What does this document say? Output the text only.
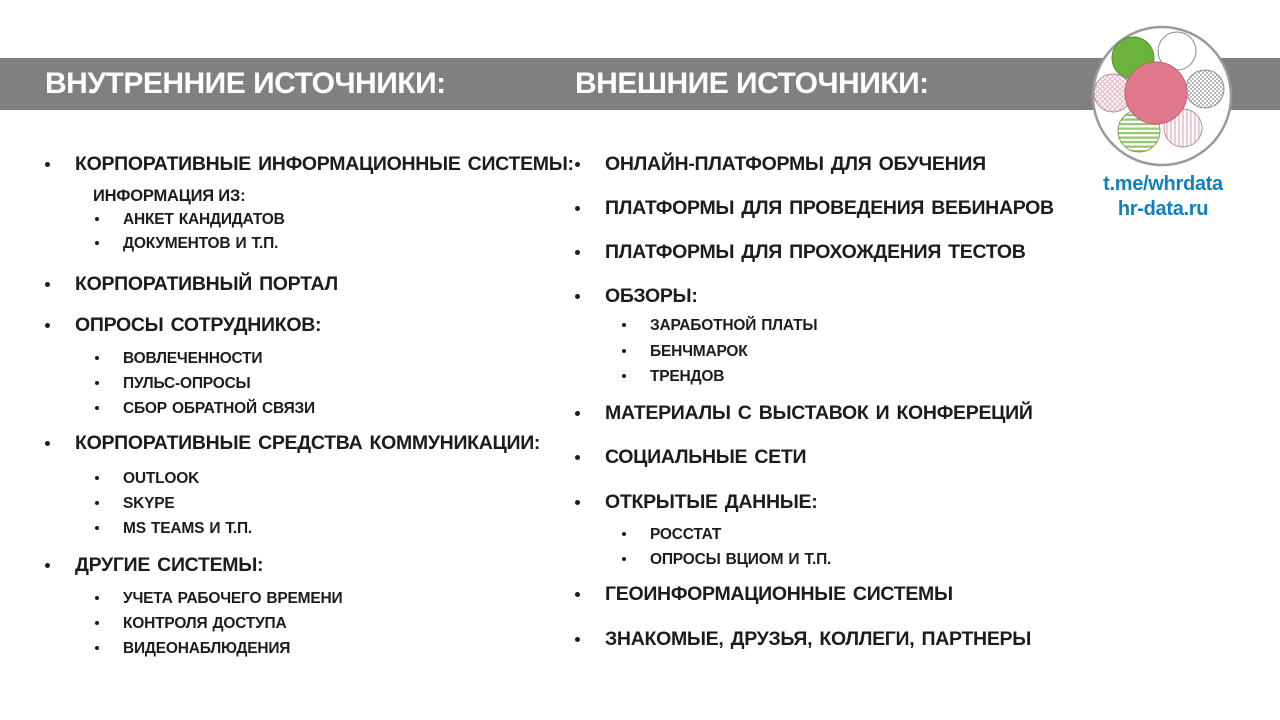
ВНУТРЕННИЕ ИСТОЧНИКИ:	ВНЕШНИЕ ИСТОЧНИКИ:
t.me/whrdata
hr-data.ru
КОРПОРАТИВНЫЕ ИНФОРМАЦИОННЫЕ СИСТЕМЫ:
ИНФОРМАЦИЯ ИЗ:
АНКЕТ КАНДИДАТОВ
ДОКУМЕНТОВ И Т.П.
КОРПОРАТИВНЫЙ ПОРТАЛ
ОПРОСЫ СОТРУДНИКОВ:
ВОВЛЕЧЕННОСТИ
ПУЛЬС-ОПРОСЫ
СБОР ОБРАТНОЙ СВЯЗИ
КОРПОРАТИВНЫЕ СРЕДСТВА КОММУНИКАЦИИ:
OUTLOOK
SKYPE
MS TEAMS И Т.П.
ДРУГИЕ СИСТЕМЫ:
УЧЕТА РАБОЧЕГО ВРЕМЕНИ
КОНТРОЛЯ ДОСТУПА
ВИДЕОНАБЛЮДЕНИЯ
ОНЛАЙН-ПЛАТФОРМЫ ДЛЯ ОБУЧЕНИЯ
ПЛАТФОРМЫ ДЛЯ ПРОВЕДЕНИЯ ВЕБИНАРОВ
ПЛАТФОРМЫ ДЛЯ ПРОХОЖДЕНИЯ ТЕСТОВ
ОБЗОРЫ:
ЗАРАБОТНОЙ ПЛАТЫ
БЕНЧМАРОК
ТРЕНДОВ
МАТЕРИАЛЫ С ВЫСТАВОК И КОНФЕРЕЦИЙ
СОЦИАЛЬНЫЕ СЕТИ
ОТКРЫТЫЕ ДАННЫЕ:
РОССТАТ
ОПРОСЫ ВЦИОМ И Т.П.
ГЕОИНФОРМАЦИОННЫЕ СИСТЕМЫ
ЗНАКОМЫЕ, ДРУЗЬЯ, КОЛЛЕГИ, ПАРТНЕРЫ
